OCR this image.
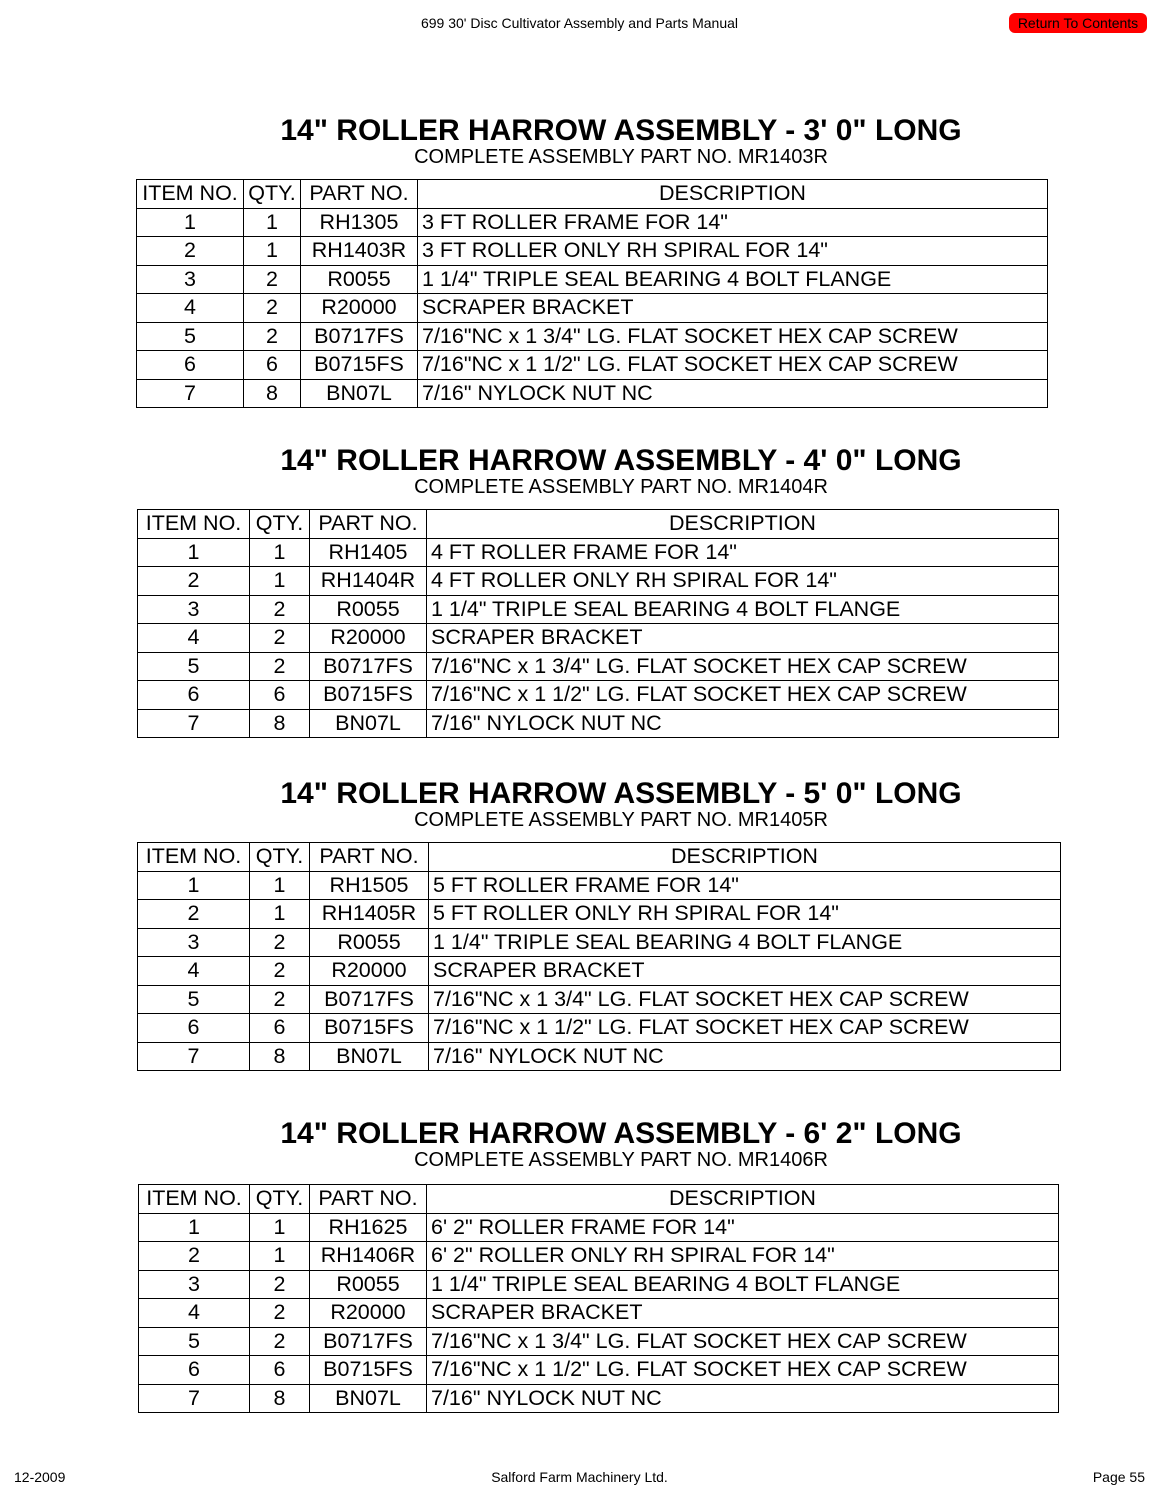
699 30' Disc Cultivator Assembly and Parts Manual	Return To Contents
14" ROLLER HARROW ASSEMBLY - 3' 0" LONG
COMPLETE ASSEMBLY PART NO. MR1403R
ITEM NO.	QTY.	PART NO.	DESCRIPTION
1	1	RH1305	3 FT ROLLER FRAME FOR 14"
2	1	RH1403R	3 FT ROLLER ONLY RH SPIRAL FOR 14"
3	2	R0055	1 1/4" TRIPLE SEAL BEARING 4 BOLT FLANGE
4	2	R20000	SCRAPER BRACKET
5	2	B0717FS	7/16"NC x 1 3/4" LG. FLAT SOCKET HEX CAP SCREW
6	6	B0715FS	7/16"NC x 1 1/2" LG. FLAT SOCKET HEX CAP SCREW
7	8	BN07L	7/16" NYLOCK NUT NC
14" ROLLER HARROW ASSEMBLY - 4' 0" LONG
COMPLETE ASSEMBLY PART NO. MR1404R
ITEM NO.	QTY.	PART NO.	DESCRIPTION
1	1	RH1405	4 FT ROLLER FRAME FOR 14"
2	1	RH1404R	4 FT ROLLER ONLY RH SPIRAL FOR 14"
3	2	R0055	1 1/4" TRIPLE SEAL BEARING 4 BOLT FLANGE
4	2	R20000	SCRAPER BRACKET
5	2	B0717FS	7/16"NC x 1 3/4" LG. FLAT SOCKET HEX CAP SCREW
6	6	B0715FS	7/16"NC x 1 1/2" LG. FLAT SOCKET HEX CAP SCREW
7	8	BN07L	7/16" NYLOCK NUT NC
14" ROLLER HARROW ASSEMBLY - 5' 0" LONG
COMPLETE ASSEMBLY PART NO. MR1405R
ITEM NO.	QTY.	PART NO.	DESCRIPTION
1	1	RH1505	5 FT ROLLER FRAME FOR 14"
2	1	RH1405R	5 FT ROLLER ONLY RH SPIRAL FOR 14"
3	2	R0055	1 1/4" TRIPLE SEAL BEARING 4 BOLT FLANGE
4	2	R20000	SCRAPER BRACKET
5	2	B0717FS	7/16"NC x 1 3/4" LG. FLAT SOCKET HEX CAP SCREW
6	6	B0715FS	7/16"NC x 1 1/2" LG. FLAT SOCKET HEX CAP SCREW
7	8	BN07L	7/16" NYLOCK NUT NC
14" ROLLER HARROW ASSEMBLY - 6' 2" LONG
COMPLETE ASSEMBLY PART NO. MR1406R
ITEM NO.	QTY.	PART NO.	DESCRIPTION
1	1	RH1625	6' 2" ROLLER FRAME FOR 14"
2	1	RH1406R	6' 2" ROLLER ONLY RH SPIRAL FOR 14"
3	2	R0055	1 1/4" TRIPLE SEAL BEARING 4 BOLT FLANGE
4	2	R20000	SCRAPER BRACKET
5	2	B0717FS	7/16"NC x 1 3/4" LG. FLAT SOCKET HEX CAP SCREW
6	6	B0715FS	7/16"NC x 1 1/2" LG. FLAT SOCKET HEX CAP SCREW
7	8	BN07L	7/16" NYLOCK NUT NC
12-2009	Salford Farm Machinery Ltd.	Page 55
